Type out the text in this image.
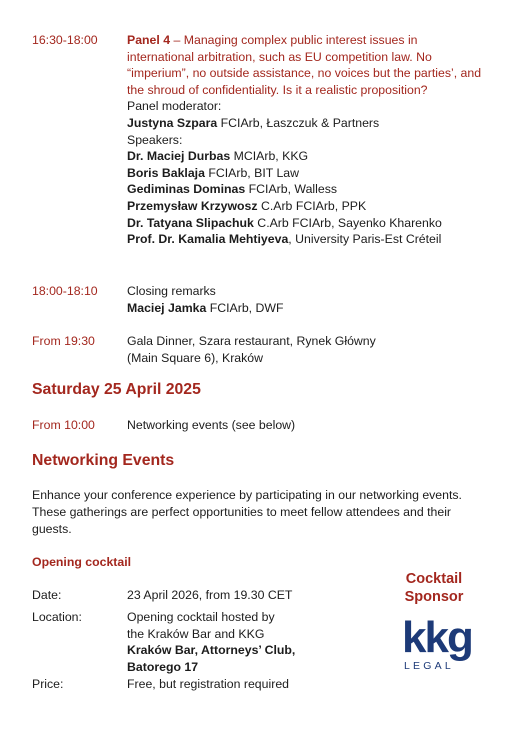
16:30-18:00	Panel 4 – Managing complex public interest issues in international arbitration, such as EU competition law. No “imperium”, no outside assistance, no voices but the parties’, and the shroud of confidentiality. Is it a realistic proposition?
Panel moderator:
Justyna Szpara FCIArb, Łaszczuk & Partners
Speakers:
Dr. Maciej Durbas MCIArb, KKG
Boris Baklaja FCIArb, BIT Law
Gediminas Dominas FCIArb, Walless
Przemysław Krzywosz C.Arb FCIArb, PPK
Dr. Tatyana Slipachuk C.Arb FCIArb, Sayenko Kharenko
Prof. Dr. Kamalia Mehtiyeva, University Paris-Est Créteil
18:00-18:10	Closing remarks
Maciej Jamka FCIArb, DWF
From 19:30	Gala Dinner, Szara restaurant, Rynek Główny
(Main Square 6), Kraków
Saturday 25 April 2025
From 10:00	Networking events (see below)
Networking Events
Enhance your conference experience by participating in our networking events. These gatherings are perfect opportunities to meet fellow attendees and their guests.
Opening cocktail
Date:	23 April 2026, from 19.30 CET
Location:	Opening cocktail hosted by
the Kraków Bar and KKG
Kraków Bar, Attorneys’ Club,
Batorego 17
Price:	Free, but registration required
Cocktail
Sponsor
kkg
LEGAL
